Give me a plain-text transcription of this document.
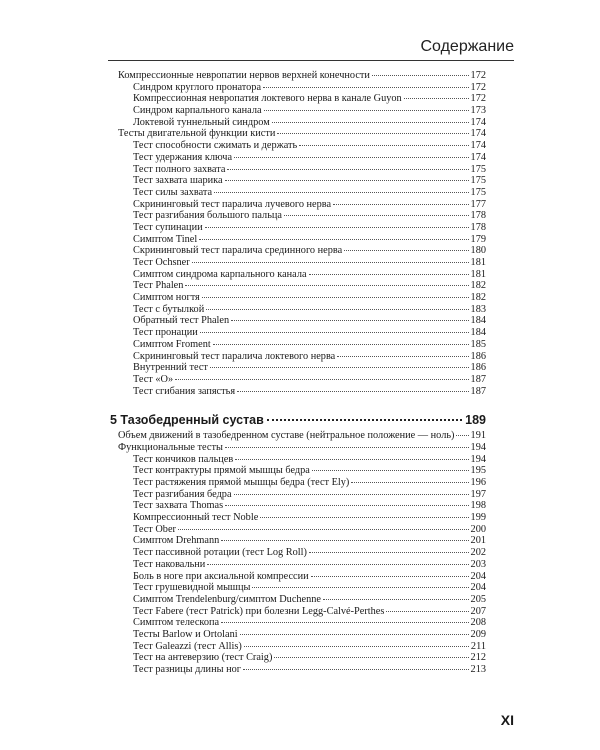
Содержание
Компрессионные невропатии нервов верхней конечности	172
Синдром круглого пронатора	172
Компрессионная невропатия локтевого нерва в канале Guyon	172
Синдром карпального канала	173
Локтевой туннельный синдром	174
Тесты двигательной функции кисти	174
Тест способности сжимать и держать	174
Тест удержания ключа	174
Тест полного захвата	175
Тест захвата шарика	175
Тест силы захвата	175
Скрининговый тест паралича лучевого нерва	177
Тест разгибания большого пальца	178
Тест супинации	178
Симптом Tinel	179
Скрининговый тест паралича срединного нерва	180
Тест Ochsner	181
Симптом синдрома карпального канала	181
Тест Phalen	182
Симптом ногтя	182
Тест с бутылкой	183
Обратный тест Phalen	184
Тест пронации	184
Симптом Froment	185
Скрининговый тест паралича локтевого нерва	186
Внутренний тест	186
Тест «О»	187
Тест сгибания запястья	187
5 Тазобедренный сустав	189
Объем движений в тазобедренном суставе (нейтральное положение — ноль) 191
Функциональные тесты	194
Тест кончиков пальцев	194
Тест контрактуры прямой мышцы бедра	195
Тест растяжения прямой мышцы бедра (тест Ely)	196
Тест разгибания бедра	197
Тест захвата Thomas	198
Компрессионный тест Noble	199
Тест Ober	200
Симптом Drehmann	201
Тест пассивной ротации (тест Log Roll)	202
Тест наковальни	203
Боль в ноге при аксиальной компрессии	204
Тест грушевидной мышцы	204
Симптом Trendelenburg/симптом Duchenne	205
Тест Fabere (тест Patrick) при болезни Legg-Calvé-Perthes	207
Симптом телескопа	208
Тесты Barlow и Ortolani	209
Тест Galeazzi (тест Allis)	211
Тест на антеверзию (тест Craig)	212
Тест разницы длины ног	213
XI
